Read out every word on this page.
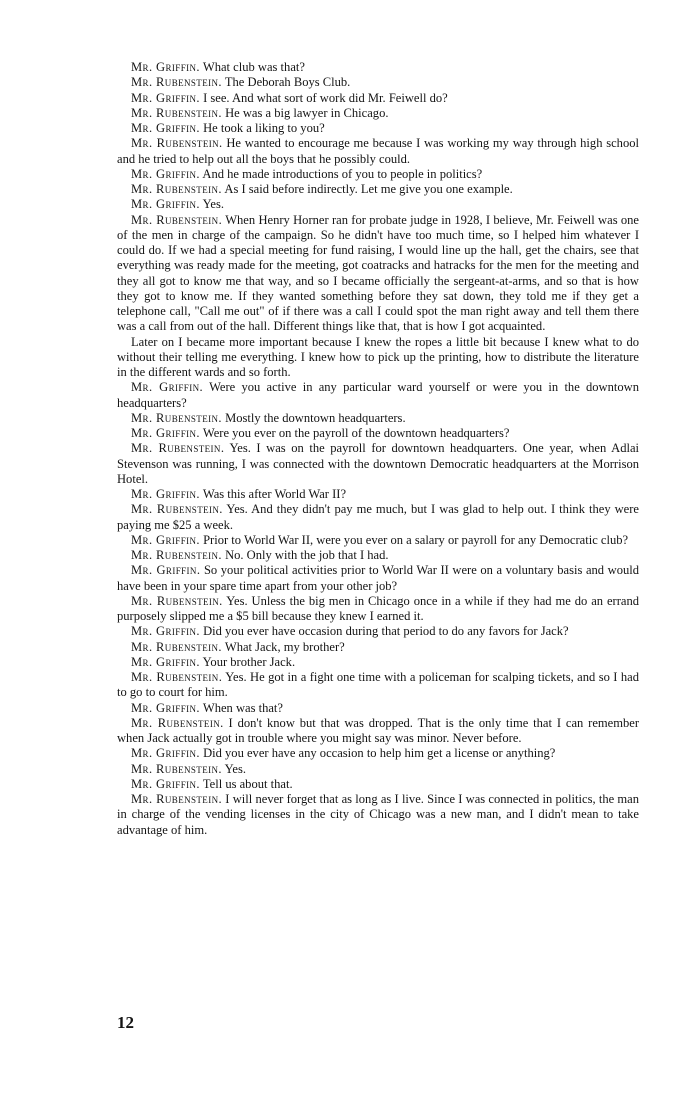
Mr. Griffin. What club was that?

Mr. Rubenstein. The Deborah Boys Club.

Mr. Griffin. I see. And what sort of work did Mr. Feiwell do?

Mr. Rubenstein. He was a big lawyer in Chicago.

Mr. Griffin. He took a liking to you?

Mr. Rubenstein. He wanted to encourage me because I was working my way through high school and he tried to help out all the boys that he possibly could.

Mr. Griffin. And he made introductions of you to people in politics?

Mr. Rubenstein. As I said before indirectly. Let me give you one example.

Mr. Griffin. Yes.

Mr. Rubenstein. When Henry Horner ran for probate judge in 1928, I believe, Mr. Feiwell was one of the men in charge of the campaign. So he didn't have too much time, so I helped him whatever I could do. If we had a special meeting for fund raising, I would line up the hall, get the chairs, see that everything was ready made for the meeting, got coatracks and hatracks for the men for the meeting and they all got to know me that way, and so I became officially the sergeant-at-arms, and so that is how they got to know me. If they wanted something before they sat down, they told me if they get a telephone call, "Call me out" of if there was a call I could spot the man right away and tell them there was a call from out of the hall. Different things like that, that is how I got acquainted.

Later on I became more important because I knew the ropes a little bit because I knew what to do without their telling me everything. I knew how to pick up the printing, how to distribute the literature in the different wards and so forth.

Mr. Griffin. Were you active in any particular ward yourself or were you in the downtown headquarters?

Mr. Rubenstein. Mostly the downtown headquarters.

Mr. Griffin. Were you ever on the payroll of the downtown headquarters?

Mr. Rubenstein. Yes. I was on the payroll for downtown headquarters. One year, when Adlai Stevenson was running, I was connected with the downtown Democratic headquarters at the Morrison Hotel.

Mr. Griffin. Was this after World War II?

Mr. Rubenstein. Yes. And they didn't pay me much, but I was glad to help out. I think they were paying me $25 a week.

Mr. Griffin. Prior to World War II, were you ever on a salary or payroll for any Democratic club?

Mr. Rubenstein. No. Only with the job that I had.

Mr. Griffin. So your political activities prior to World War II were on a voluntary basis and would have been in your spare time apart from your other job?

Mr. Rubenstein. Yes. Unless the big men in Chicago once in a while if they had me do an errand purposely slipped me a $5 bill because they knew I earned it.

Mr. Griffin. Did you ever have occasion during that period to do any favors for Jack?

Mr. Rubenstein. What Jack, my brother?

Mr. Griffin. Your brother Jack.

Mr. Rubenstein. Yes. He got in a fight one time with a policeman for scalping tickets, and so I had to go to court for him.

Mr. Griffin. When was that?

Mr. Rubenstein. I don't know but that was dropped. That is the only time that I can remember when Jack actually got in trouble where you might say was minor. Never before.

Mr. Griffin. Did you ever have any occasion to help him get a license or anything?

Mr. Rubenstein. Yes.

Mr. Griffin. Tell us about that.

Mr. Rubenstein. I will never forget that as long as I live. Since I was connected in politics, the man in charge of the vending licenses in the city of Chicago was a new man, and I didn't mean to take advantage of him.

12
